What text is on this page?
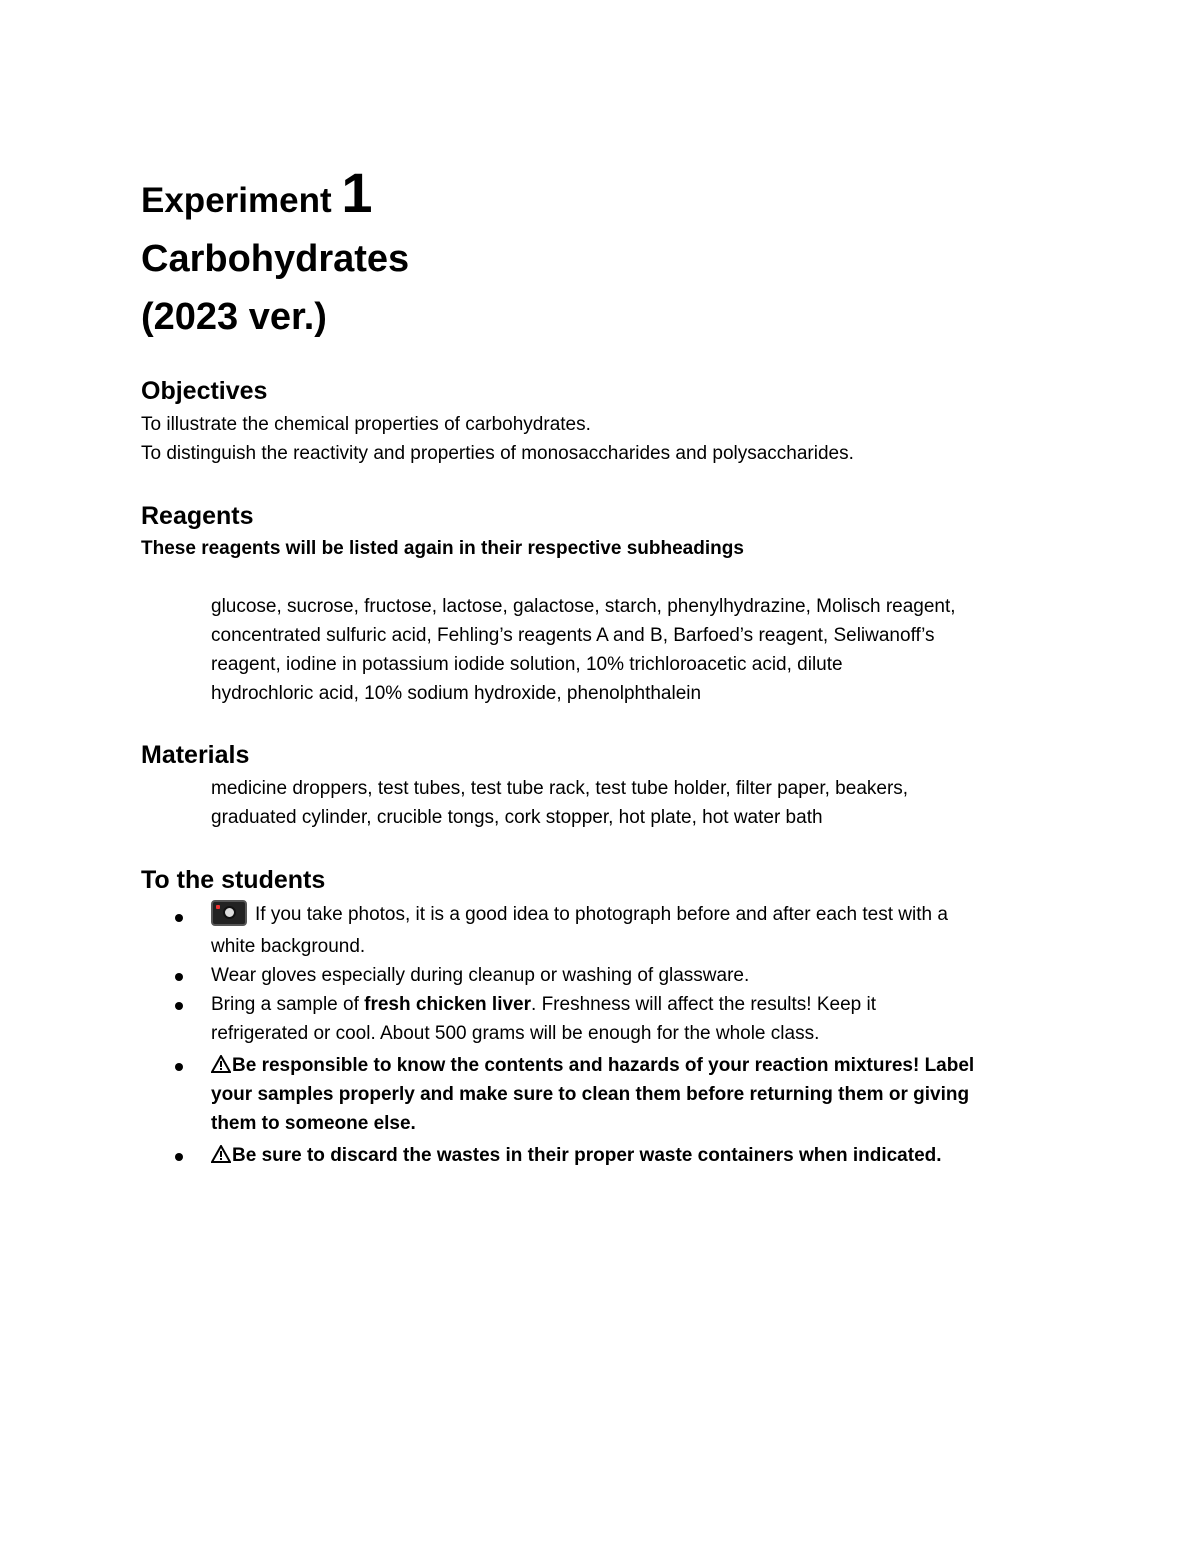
Experiment 1
Carbohydrates
(2023 ver.)
Objectives
To illustrate the chemical properties of carbohydrates.
To distinguish the reactivity and properties of monosaccharides and polysaccharides.
Reagents
These reagents will be listed again in their respective subheadings
glucose, sucrose, fructose, lactose, galactose, starch, phenylhydrazine, Molisch reagent,
concentrated sulfuric acid, Fehling’s reagents A and B, Barfoed’s reagent, Seliwanoff’s
reagent, iodine in potassium iodide solution, 10% trichloroacetic acid, dilute
hydrochloric acid, 10% sodium hydroxide, phenolphthalein
Materials
medicine droppers, test tubes, test tube rack, test tube holder, filter paper, beakers,
graduated cylinder, crucible tongs, cork stopper, hot plate, hot water bath
To the students
If you take photos, it is a good idea to photograph before and after each test with a
white background.
Wear gloves especially during cleanup or washing of glassware.
Bring a sample of fresh chicken liver. Freshness will affect the results! Keep it
refrigerated or cool. About 500 grams will be enough for the whole class.
Be responsible to know the contents and hazards of your reaction mixtures! Label
your samples properly and make sure to clean them before returning them or giving
them to someone else.
Be sure to discard the wastes in their proper waste containers when indicated.
